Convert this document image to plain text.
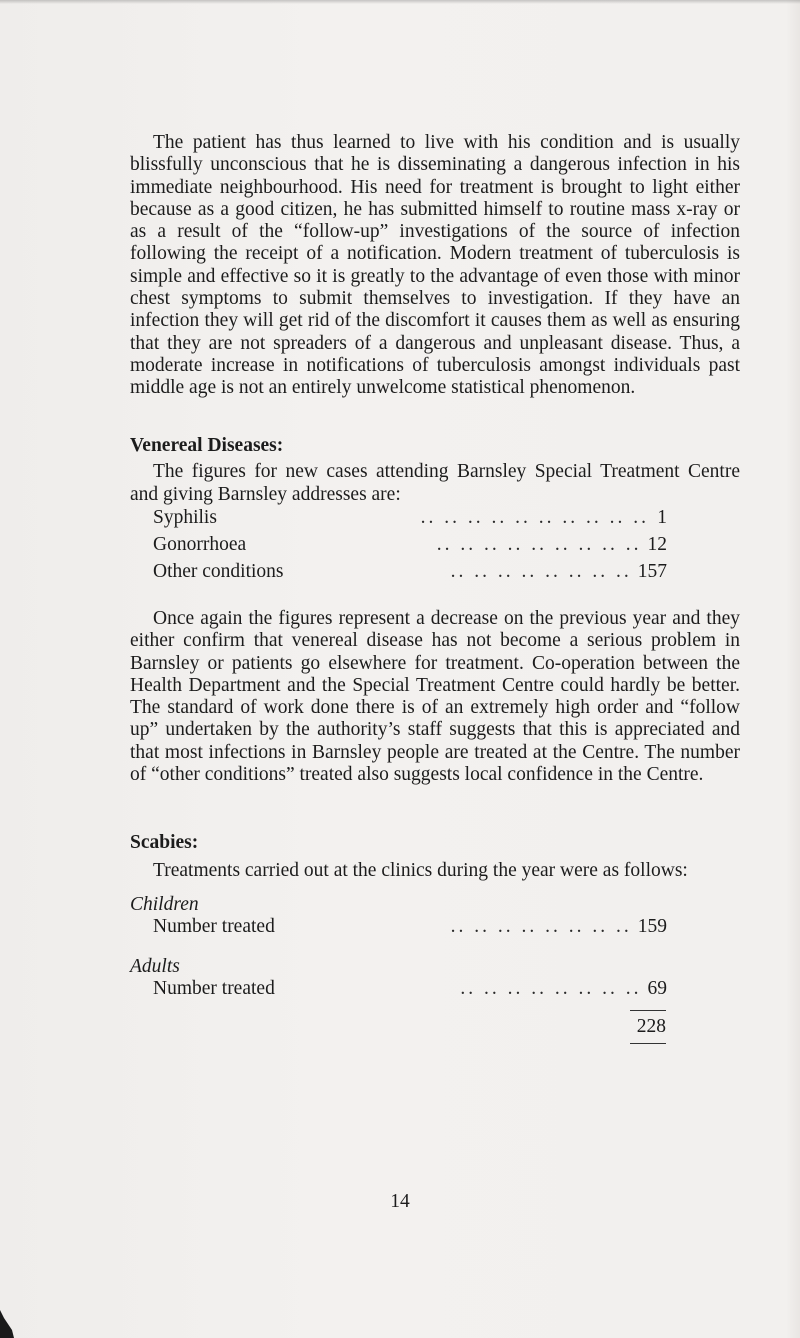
The patient has thus learned to live with his condition and is usually blissfully unconscious that he is disseminating a dangerous infection in his immediate neighbourhood. His need for treatment is brought to light either because as a good citizen, he has submitted himself to routine mass x-ray or as a result of the “follow-up” investigations of the source of infection following the receipt of a notification. Modern treatment of tuberculosis is simple and effective so it is greatly to the advantage of even those with minor chest symptoms to submit themselves to investigation. If they have an infection they will get rid of the discomfort it causes them as well as ensuring that they are not spreaders of a dangerous and unpleasant disease. Thus, a moderate increase in notifications of tuberculosis amongst individuals past middle age is not an entirely unwelcome statistical phenomenon.

Venereal Diseases:

The figures for new cases attending Barnsley Special Treatment Centre and giving Barnsley addresses are:

Syphilis	.. .. .. .. .. .. .. .. .. .. 1
Gonorrhoea	.. .. .. .. .. .. .. .. .. 12
Other conditions	.. .. .. .. .. .. .. .. 157

Once again the figures represent a decrease on the previous year and they either confirm that venereal disease has not become a serious problem in Barnsley or patients go elsewhere for treatment. Co-operation between the Health Department and the Special Treatment Centre could hardly be better. The standard of work done there is of an extremely high order and “follow up” undertaken by the authority’s staff suggests that this is appreciated and that most infections in Barnsley people are treated at the Centre. The number of “other conditions” treated also suggests local confidence in the Centre.

Scabies:

Treatments carried out at the clinics during the year were as follows:

Children
Number treated	.. .. .. .. .. .. .. .. 159
Adults
Number treated	.. .. .. .. .. .. .. .. 69
228
14
